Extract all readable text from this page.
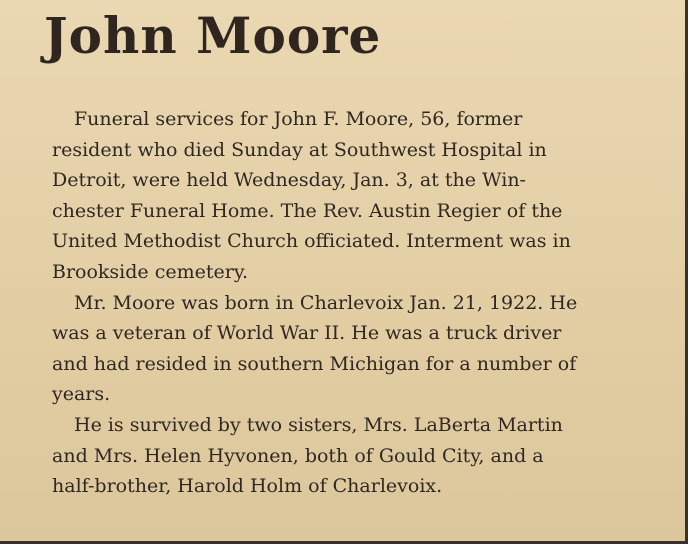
John Moore

Funeral services for John F. Moore, 56, former
resident who died Sunday at Southwest Hospital in
Detroit, were held Wednesday, Jan. 3, at the Win-
chester Funeral Home. The Rev. Austin Regier of the
United Methodist Church officiated. Interment was in
Brookside cemetery.

Mr. Moore was born in Charlevoix Jan. 21, 1922. He
was a veteran of World War II. He was a truck driver
and had resided in southern Michigan for a number of
years.

He is survived by two sisters, Mrs. LaBerta Martin
and Mrs. Helen Hyvonen, both of Gould City, and a
half-brother, Harold Holm of Charlevoix.
